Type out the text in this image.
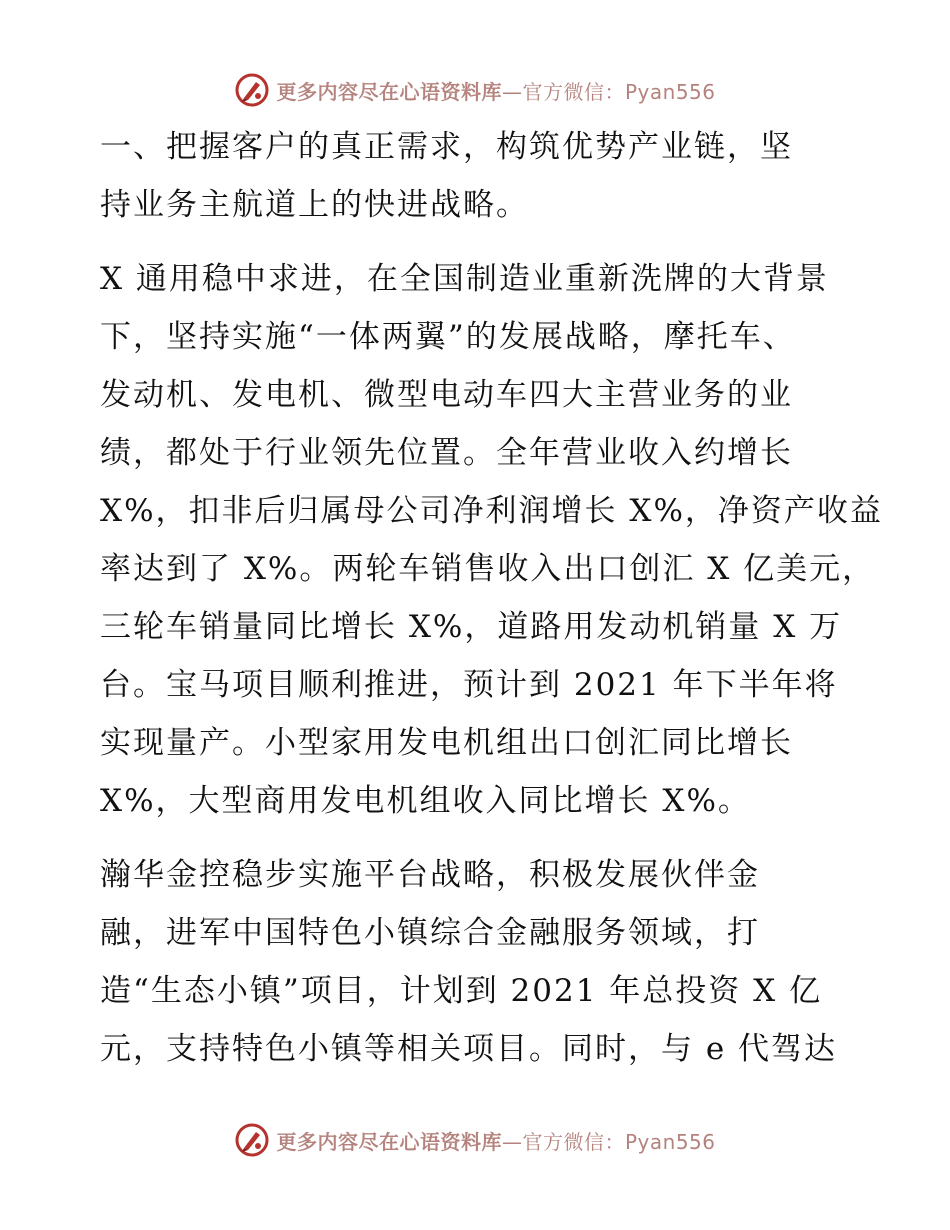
更多内容尽在心语资料库—官方微信：Pyan556
一、把握客户的真正需求，构筑优势产业链，坚
持业务主航道上的快进战略。
X 通用稳中求进，在全国制造业重新洗牌的大背景
下，坚持实施“一体两翼”的发展战略，摩托车、
发动机、发电机、微型电动车四大主营业务的业
绩，都处于行业领先位置。全年营业收入约增长
X%，扣非后归属母公司净利润增长 X%，净资产收益
率达到了 X%。两轮车销售收入出口创汇 X 亿美元，
三轮车销量同比增长 X%，道路用发动机销量 X 万
台。宝马项目顺利推进，预计到 2021 年下半年将
实现量产。小型家用发电机组出口创汇同比增长
X%，大型商用发电机组收入同比增长 X%。
瀚华金控稳步实施平台战略，积极发展伙伴金
融，进军中国特色小镇综合金融服务领域，打
造“生态小镇”项目，计划到 2021 年总投资 X 亿
元，支持特色小镇等相关项目。同时，与 e 代驾达
更多内容尽在心语资料库—官方微信：Pyan556
